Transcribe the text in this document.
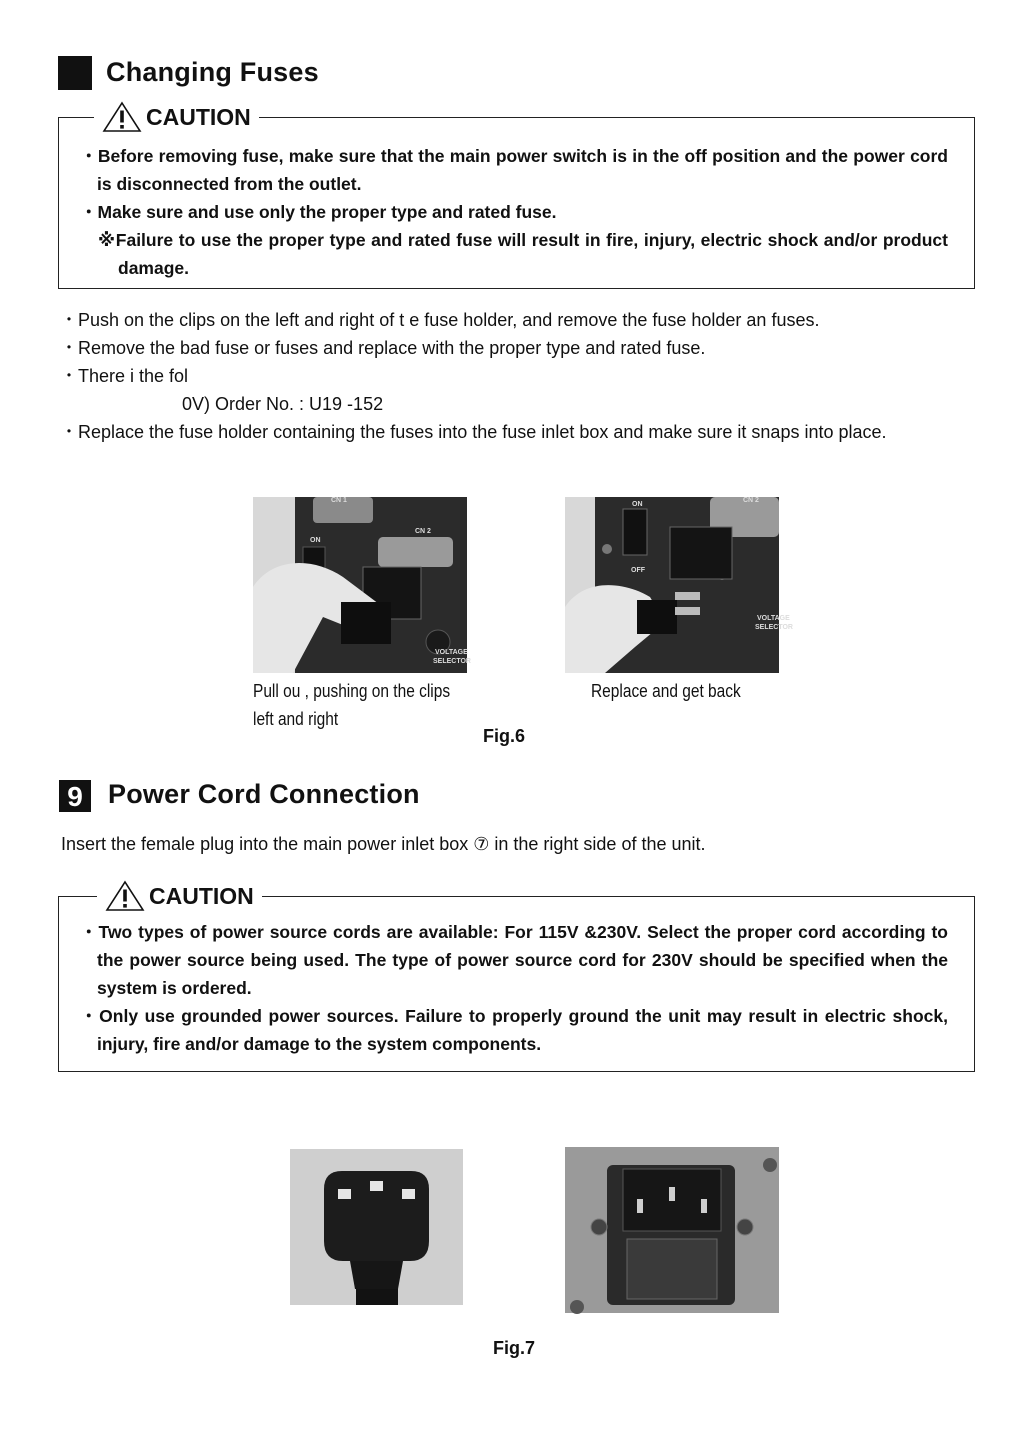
Changing Fuses
CAUTION
・Before removing fuse, make sure that the main power switch is in the off position and the power cord is disconnected from the outlet.
・Make sure and use only the proper type and rated fuse.
※Failure to use the proper type and rated fuse will result in fire, injury, electric shock and/or product damage.
・Push on the clips on the left and right of t e fuse holder, and remove the fuse holder an fuses.
・Remove the bad fuse or fuses and replace with the proper type and rated fuse.
・There i the fol
0V) Order No. : U19 -152
・Replace the fuse holder containing the fuses into the fuse inlet box and make sure it snaps into place.
CN 1
CN 2
ON
VOLTAGE
SELECTOR
ON
OFF
CN 2
VOLTAGE
SELECTOR
Pull ou , pushing on the clips
left and right
Replace and get back
Fig.6
9 Power Cord Connection
Insert the female plug into the main power inlet box ⑦ in the right side of the unit.
CAUTION
・Two types of power source cords are available: For 115V &230V. Select the proper cord according to the power source being used. The type of power source cord for 230V should be specified when the system is ordered.
・Only use grounded power sources. Failure to properly ground the unit may result in electric shock, injury, fire and/or damage to the system components.
Fig.7
